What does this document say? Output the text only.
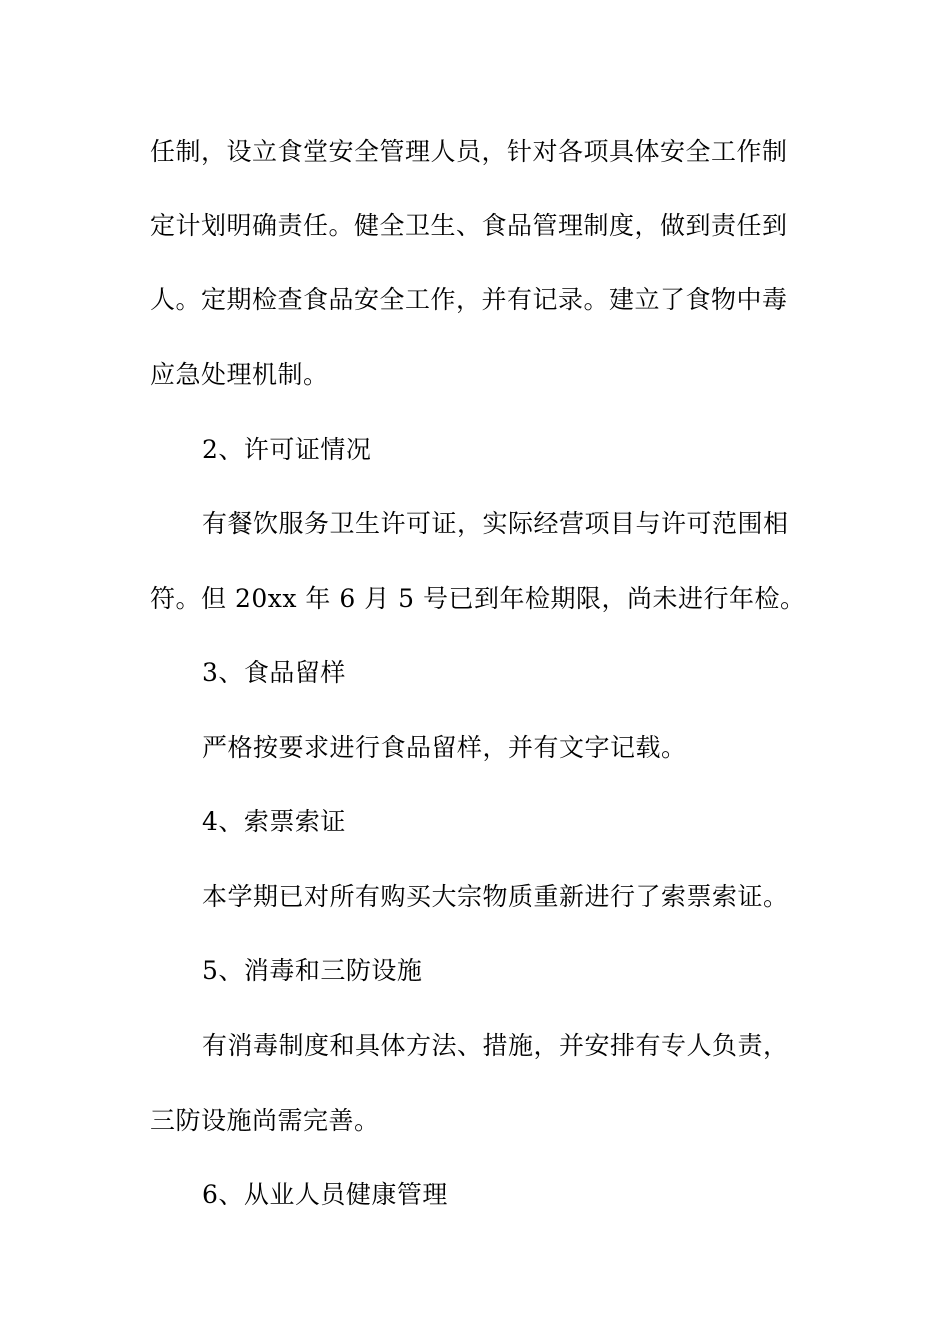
任制，设立食堂安全管理人员，针对各项具体安全工作制
定计划明确责任。健全卫生、食品管理制度，做到责任到
人。定期检查食品安全工作，并有记录。建立了食物中毒
应急处理机制。
2、许可证情况
有餐饮服务卫生许可证，实际经营项目与许可范围相
符。但 20xx 年 6 月 5 号已到年检期限，尚未进行年检。
3、食品留样
严格按要求进行食品留样，并有文字记载。
4、索票索证
本学期已对所有购买大宗物质重新进行了索票索证。
5、消毒和三防设施
有消毒制度和具体方法、措施，并安排有专人负责，
三防设施尚需完善。
6、从业人员健康管理
